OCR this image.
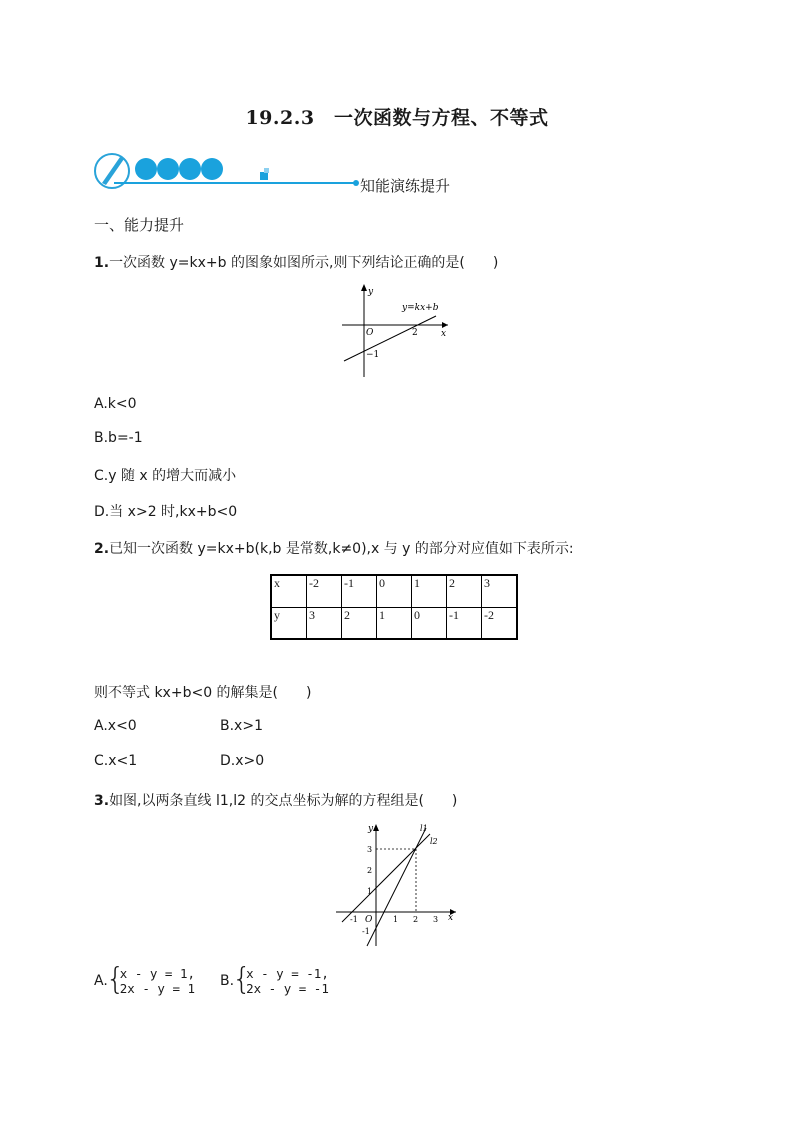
19.2.3　一次函数与方程、不等式
知能演练提升
一、能力提升
1.一次函数 y=kx+b 的图象如图所示,则下列结论正确的是(　　)
y
x
O
y=kx+b
2
−1
A.k<0
B.b=-1
C.y 随 x 的增大而减小
D.当 x>2 时,kx+b<0
2.已知一次函数 y=kx+b(k,b 是常数,k≠0),x 与 y 的部分对应值如下表所示:
x	-2	-1	0	1	2	3
y	3	2	1	0	-1	-2
则不等式 kx+b<0 的解集是(　　)
A.x<0	B.x>1
C.x<1	D.x>0
3.如图,以两条直线 l1,l2 的交点坐标为解的方程组是(　　)
y
x
O
l1
l2
3
2
1
-1
-1	1 2 3
A.
{
x - y = 1,
2x - y = 1 B.
{
x - y = -1,
2x - y = -1
